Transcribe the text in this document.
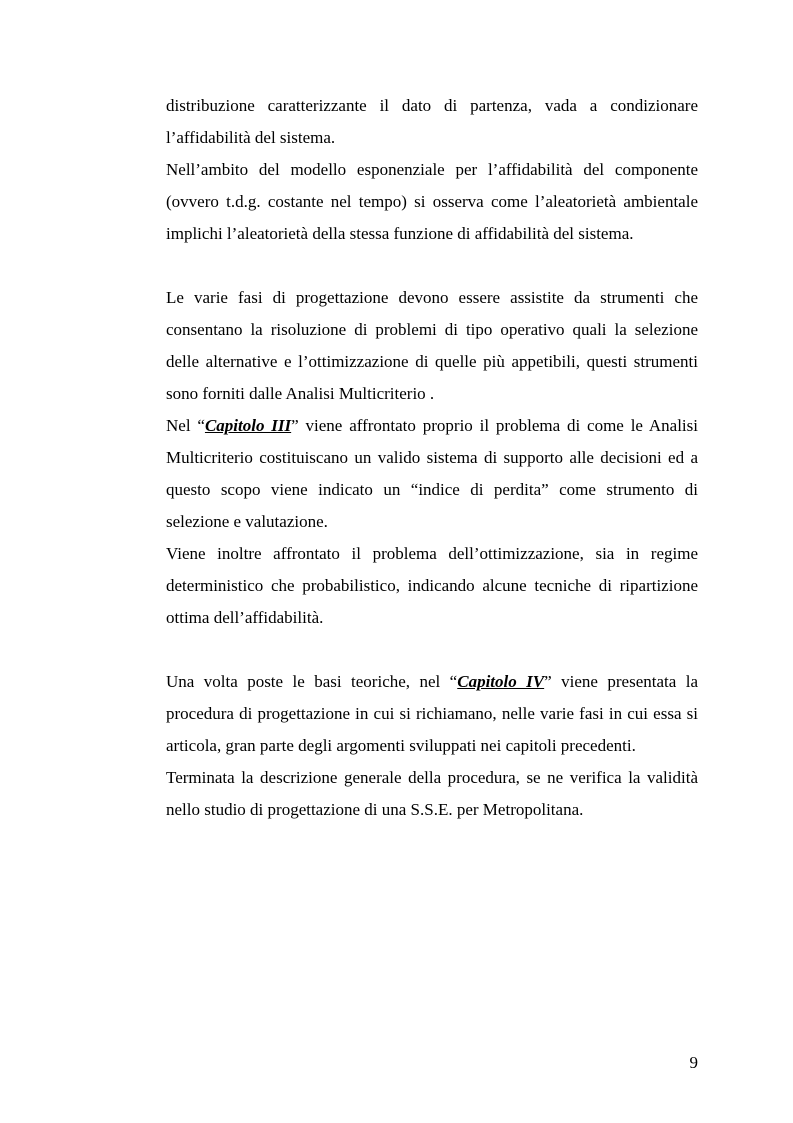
distribuzione caratterizzante il dato di partenza, vada a condizionare l’affidabilità del sistema.

Nell’ambito del modello esponenziale per l’affidabilità del componente (ovvero t.d.g. costante nel tempo) si osserva come l’aleatorietà ambientale implichi l’aleatorietà della stessa funzione di affidabilità del sistema.

Le varie fasi di progettazione devono essere assistite da strumenti che consentano la risoluzione di problemi di tipo operativo quali la selezione delle alternative e l’ottimizzazione di quelle più appetibili, questi strumenti sono forniti dalle Analisi Multicriterio .

Nel “Capitolo III” viene affrontato proprio il problema di come le Analisi Multicriterio costituiscano un valido sistema di supporto alle decisioni ed a questo scopo viene indicato un “indice di perdita” come strumento di selezione e valutazione.

Viene inoltre affrontato il problema dell’ottimizzazione, sia in regime deterministico che probabilistico, indicando alcune tecniche di ripartizione ottima dell’affidabilità.

Una volta poste le basi teoriche, nel “Capitolo IV” viene presentata la procedura di progettazione in cui si richiamano, nelle varie fasi in cui essa si articola, gran parte degli argomenti sviluppati nei capitoli precedenti.

Terminata la descrizione generale della procedura, se ne verifica la validità nello studio di progettazione di una S.S.E. per Metropolitana.

9
